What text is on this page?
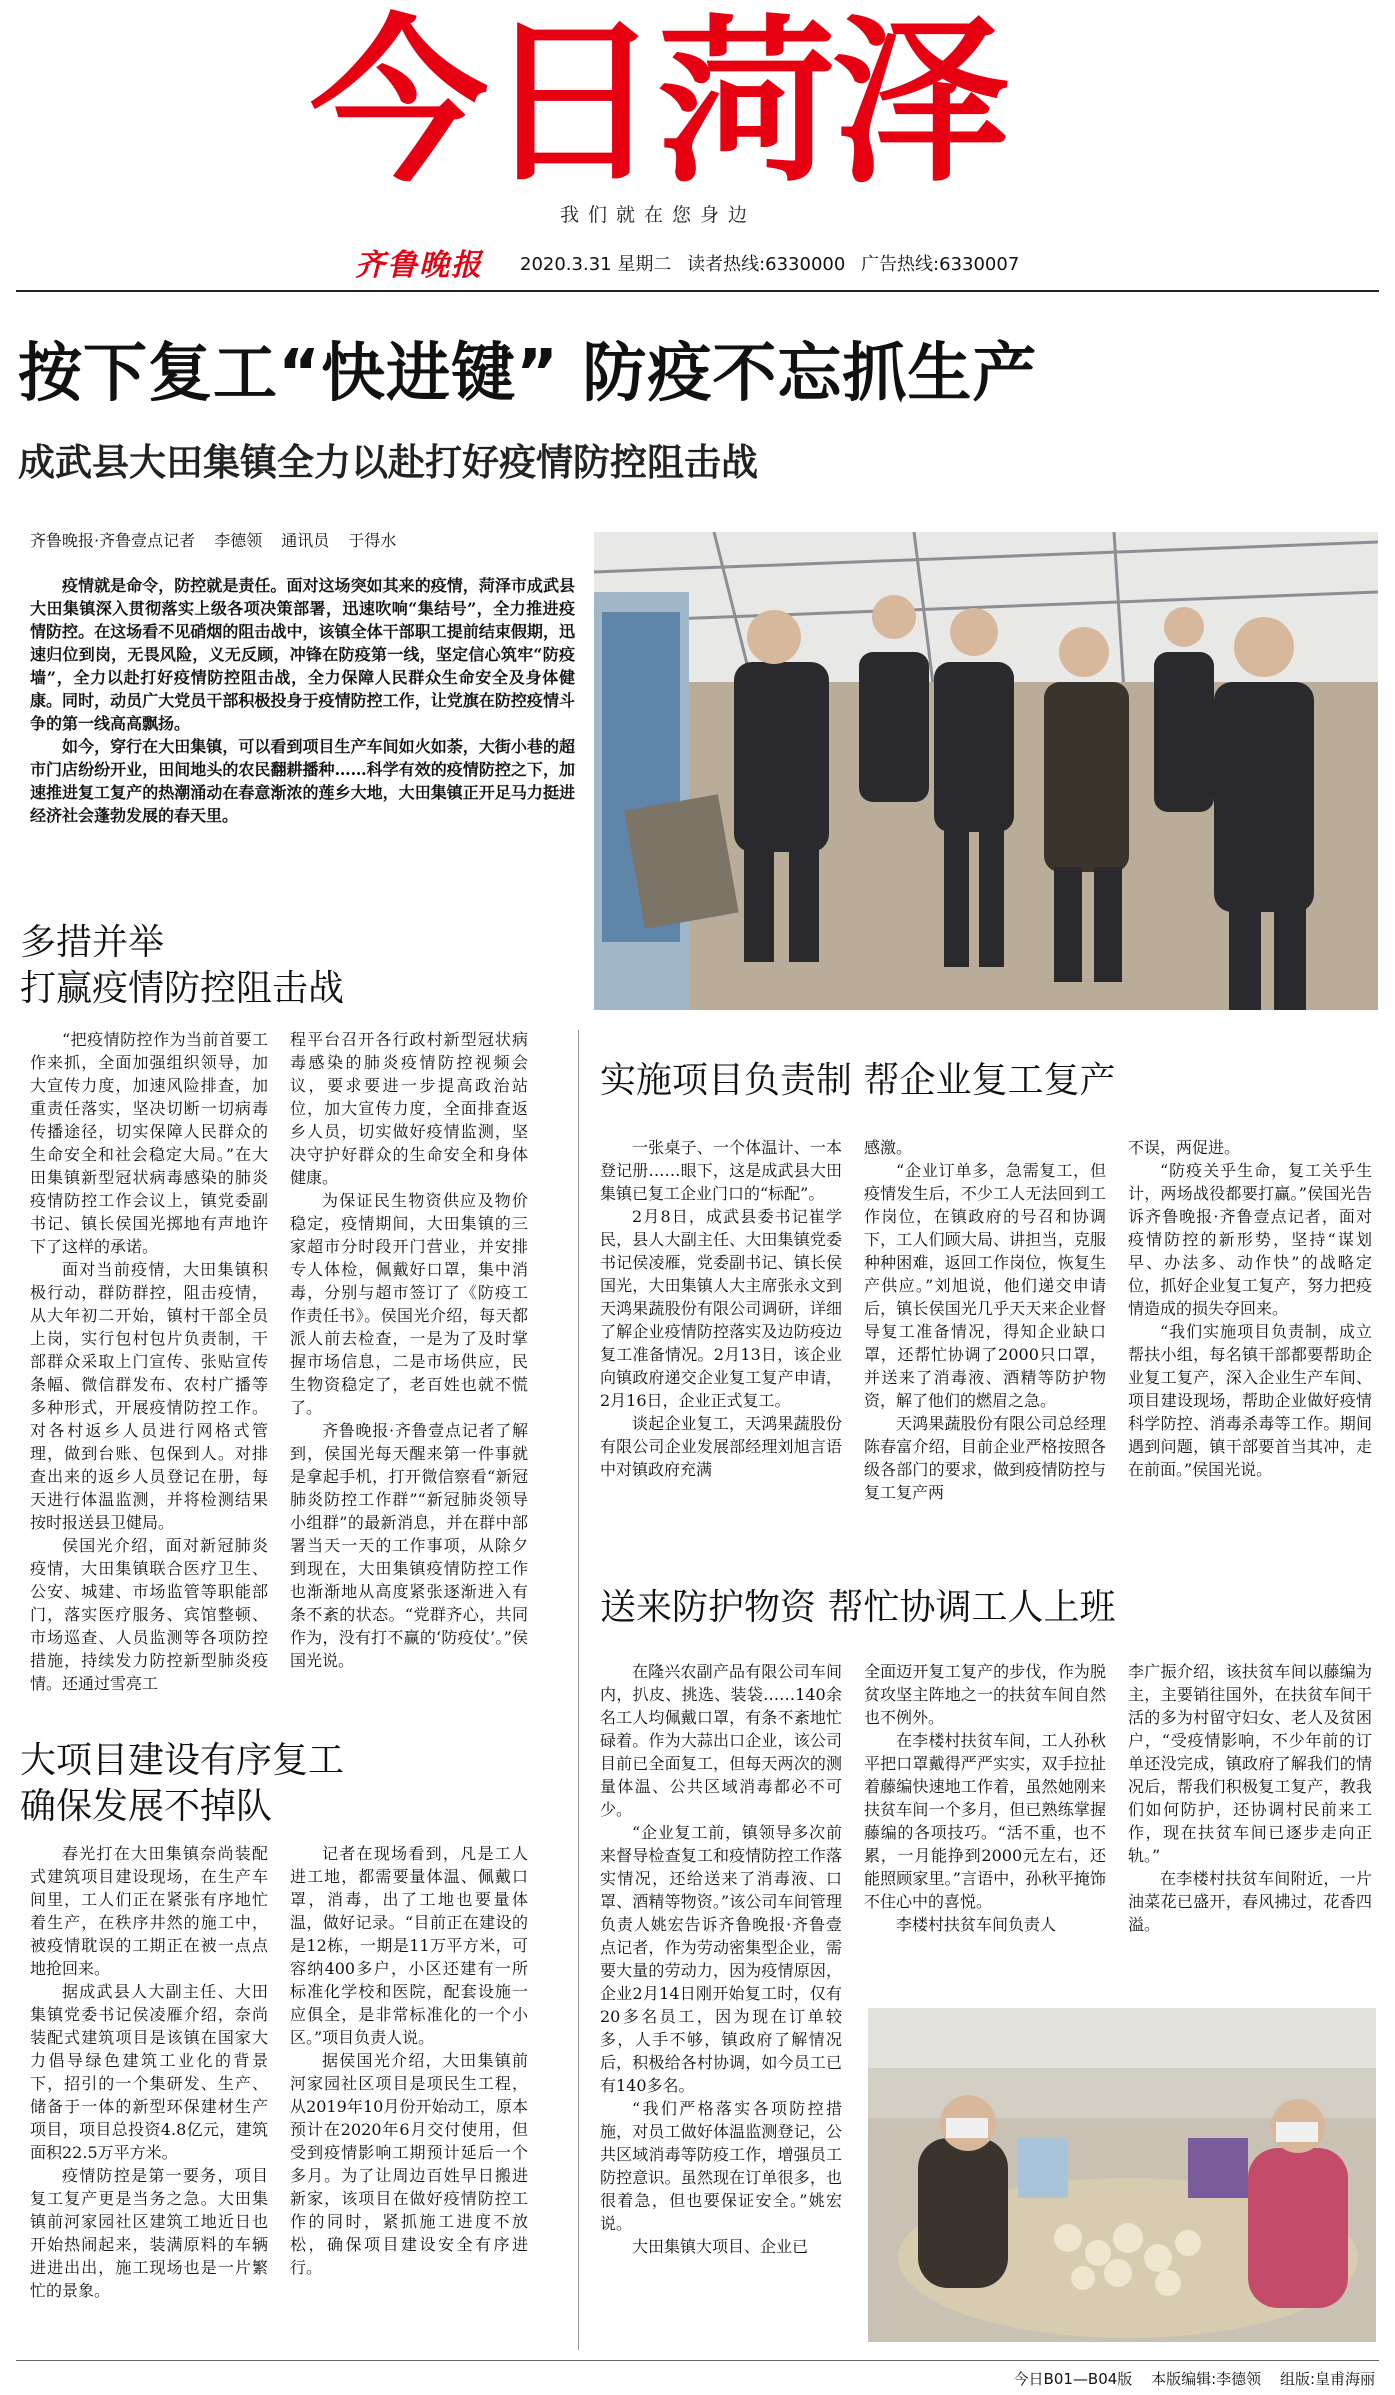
今日菏泽
我们就在您身边
齐鲁晚报 2020.3.31 星期二 读者热线:6330000 广告热线:6330007
按下复工“快进键” 防疫不忘抓生产
成武县大田集镇全力以赴打好疫情防控阻击战
齐鲁晚报·齐鲁壹点记者 李德领 通讯员 于得水

疫情就是命令，防控就是责任。面对这场突如其来的疫情，菏泽市成武县大田集镇深入贯彻落实上级各项决策部署，迅速吹响“集结号”，全力推进疫情防控。在这场看不见硝烟的阻击战中，该镇全体干部职工提前结束假期，迅速归位到岗，无畏风险，义无反顾，冲锋在防疫第一线，坚定信心筑牢“防疫墙”，全力以赴打好疫情防控阻击战，全力保障人民群众生命安全及身体健康。同时，动员广大党员干部积极投身于疫情防控工作，让党旗在防控疫情斗争的第一线高高飘扬。

如今，穿行在大田集镇，可以看到项目生产车间如火如荼，大街小巷的超市门店纷纷开业，田间地头的农民翻耕播种……科学有效的疫情防控之下，加速推进复工复产的热潮涌动在春意渐浓的莲乡大地，大田集镇正开足马力挺进经济社会蓬勃发展的春天里。

多措并举
打赢疫情防控阻击战

“把疫情防控作为当前首要工作来抓，全面加强组织领导，加大宣传力度，加速风险排查，加重责任落实，坚决切断一切病毒传播途径，切实保障人民群众的生命安全和社会稳定大局。”在大田集镇新型冠状病毒感染的肺炎疫情防控工作会议上，镇党委副书记、镇长侯国光掷地有声地许下了这样的承诺。

面对当前疫情，大田集镇积极行动，群防群控，阻击疫情，从大年初二开始，镇村干部全员上岗，实行包村包片负责制，干部群众采取上门宣传、张贴宣传条幅、微信群发布、农村广播等多种形式，开展疫情防控工作。对各村返乡人员进行网格式管理，做到台账、包保到人。对排查出来的返乡人员登记在册，每天进行体温监测，并将检测结果按时报送县卫健局。

侯国光介绍，面对新冠肺炎疫情，大田集镇联合医疗卫生、公安、城建、市场监管等职能部门，落实医疗服务、宾馆整顿、市场巡查、人员监测等各项防控措施，持续发力防控新型肺炎疫情。还通过雪亮工

程平台召开各行政村新型冠状病毒感染的肺炎疫情防控视频会议，要求要进一步提高政治站位，加大宣传力度，全面排查返乡人员，切实做好疫情监测，坚决守护好群众的生命安全和身体健康。

为保证民生物资供应及物价稳定，疫情期间，大田集镇的三家超市分时段开门营业，并安排专人体检，佩戴好口罩，集中消毒，分别与超市签订了《防疫工作责任书》。侯国光介绍，每天都派人前去检查，一是为了及时掌握市场信息，二是市场供应，民生物资稳定了，老百姓也就不慌了。

齐鲁晚报·齐鲁壹点记者了解到，侯国光每天醒来第一件事就是拿起手机，打开微信察看“新冠肺炎防控工作群”“新冠肺炎领导小组群”的最新消息，并在群中部署当天一天的工作事项，从除夕到现在，大田集镇疫情防控工作也渐渐地从高度紧张逐渐进入有条不紊的状态。“党群齐心，共同作为，没有打不赢的‘防疫仗’。”侯国光说。

大项目建设有序复工
确保发展不掉队

春光打在大田集镇奈尚装配式建筑项目建设现场，在生产车间里，工人们正在紧张有序地忙着生产，在秩序井然的施工中，被疫情耽误的工期正在被一点点地抢回来。

据成武县人大副主任、大田集镇党委书记侯凌雁介绍，奈尚装配式建筑项目是该镇在国家大力倡导绿色建筑工业化的背景下，招引的一个集研发、生产、储备于一体的新型环保建材生产项目，项目总投资4.8亿元，建筑面积22.5万平方米。

疫情防控是第一要务，项目复工复产更是当务之急。大田集镇前河家园社区建筑工地近日也开始热闹起来，装满原料的车辆进进出出，施工现场也是一片繁忙的景象。

记者在现场看到，凡是工人进工地，都需要量体温、佩戴口罩，消毒，出了工地也要量体温，做好记录。“目前正在建设的是12栋，一期是11万平方米，可容纳400多户，小区还建有一所标准化学校和医院，配套设施一应俱全，是非常标准化的一个小区。”项目负责人说。

据侯国光介绍，大田集镇前河家园社区项目是项民生工程，从2019年10月份开始动工，原本预计在2020年6月交付使用，但受到疫情影响工期预计延后一个多月。为了让周边百姓早日搬进新家，该项目在做好疫情防控工作的同时，紧抓施工进度不放松，确保项目建设安全有序进行。

实施项目负责制 帮企业复工复产

一张桌子、一个体温计、一本登记册……眼下，这是成武县大田集镇已复工企业门口的“标配”。

2月8日，成武县委书记崔学民，县人大副主任、大田集镇党委书记侯凌雁，党委副书记、镇长侯国光，大田集镇人大主席张永文到天鸿果蔬股份有限公司调研，详细了解企业疫情防控落实及边防疫边复工准备情况。2月13日，该企业向镇政府递交企业复工复产申请，2月16日，企业正式复工。

谈起企业复工，天鸿果蔬股份有限公司企业发展部经理刘旭言语中对镇政府充满

感激。

“企业订单多，急需复工，但疫情发生后，不少工人无法回到工作岗位，在镇政府的号召和协调下，工人们顾大局、讲担当，克服种种困难，返回工作岗位，恢复生产供应。”刘旭说，他们递交申请后，镇长侯国光几乎天天来企业督导复工准备情况，得知企业缺口罩，还帮忙协调了2000只口罩，并送来了消毒液、酒精等防护物资，解了他们的燃眉之急。

天鸿果蔬股份有限公司总经理陈春富介绍，目前企业严格按照各级各部门的要求，做到疫情防控与复工复产两

不误，两促进。

“防疫关乎生命，复工关乎生计，两场战役都要打赢。”侯国光告诉齐鲁晚报·齐鲁壹点记者，面对疫情防控的新形势，坚持“谋划早、办法多、动作快”的战略定位，抓好企业复工复产，努力把疫情造成的损失夺回来。

“我们实施项目负责制，成立帮扶小组，每名镇干部都要帮助企业复工复产，深入企业生产车间、项目建设现场，帮助企业做好疫情科学防控、消毒杀毒等工作。期间遇到问题，镇干部要首当其冲，走在前面。”侯国光说。

送来防护物资 帮忙协调工人上班

在隆兴农副产品有限公司车间内，扒皮、挑选、装袋……140余名工人均佩戴口罩，有条不紊地忙碌着。作为大蒜出口企业，该公司目前已全面复工，但每天两次的测量体温、公共区域消毒都必不可少。

“企业复工前，镇领导多次前来督导检查复工和疫情防控工作落实情况，还给送来了消毒液、口罩、酒精等物资。”该公司车间管理负责人姚宏告诉齐鲁晚报·齐鲁壹点记者，作为劳动密集型企业，需要大量的劳动力，因为疫情原因，企业2月14日刚开始复工时，仅有20多名员工，因为现在订单较多，人手不够，镇政府了解情况后，积极给各村协调，如今员工已有140多名。

“我们严格落实各项防控措施，对员工做好体温监测登记，公共区域消毒等防疫工作，增强员工防控意识。虽然现在订单很多，也很着急，但也要保证安全。”姚宏说。

大田集镇大项目、企业已

全面迈开复工复产的步伐，作为脱贫攻坚主阵地之一的扶贫车间自然也不例外。

在李楼村扶贫车间，工人孙秋平把口罩戴得严严实实，双手拉扯着藤编快速地工作着，虽然她刚来扶贫车间一个多月，但已熟练掌握藤编的各项技巧。“活不重，也不累，一月能挣到2000元左右，还能照顾家里。”言语中，孙秋平掩饰不住心中的喜悦。

李楼村扶贫车间负责人

李广振介绍，该扶贫车间以藤编为主，主要销往国外，在扶贫车间干活的多为村留守妇女、老人及贫困户，“受疫情影响，不少年前的订单还没完成，镇政府了解我们的情况后，帮我们积极复工复产，教我们如何防护，还协调村民前来工作，现在扶贫车间已逐步走向正轨。”

在李楼村扶贫车间附近，一片油菜花已盛开，春风拂过，花香四溢。

今日B01—B04版 本版编辑:李德领 组版:皇甫海丽
